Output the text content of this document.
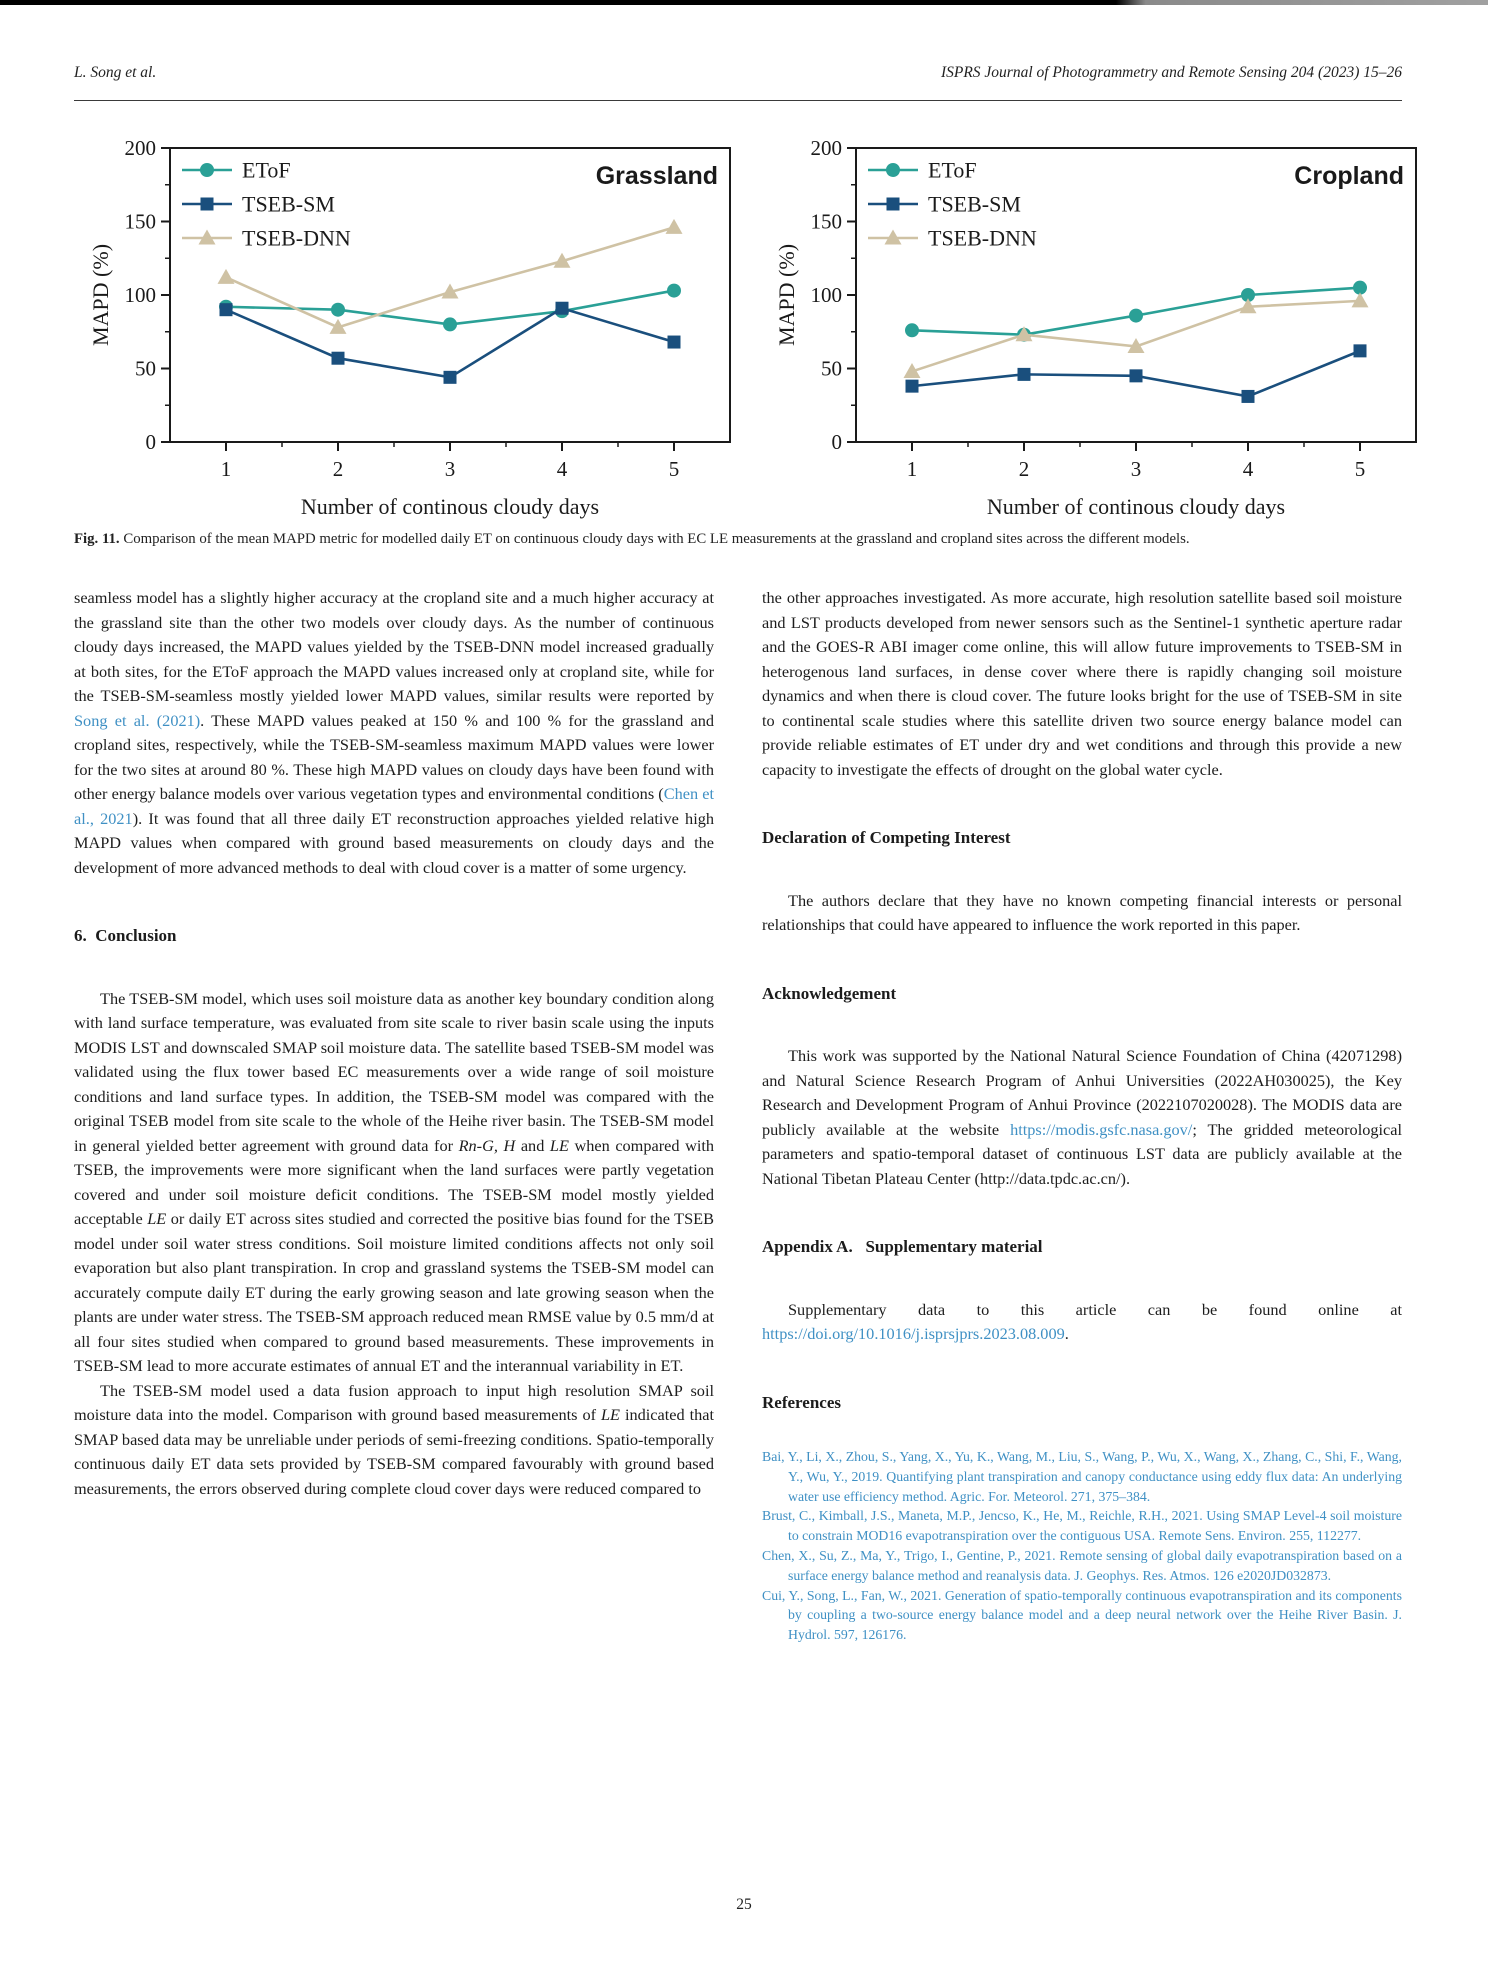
L. Song et al.	ISPRS Journal of Photogrammetry and Remote Sensing 204 (2023) 15–26
0
50
100
150
200
1	2	3	4	5
MAPD (%)
Number of continous cloudy days
Grassland
EToF
TSEB-SM
TSEB-DNN
0
50
100
150
200
1	2	3	4	5
MAPD (%)
Number of continous cloudy days
Cropland
EToF
TSEB-SM
TSEB-DNN
Fig. 11. Comparison of the mean MAPD metric for modelled daily ET on continuous cloudy days with EC LE measurements at the grassland and cropland sites across the different models.

seamless model has a slightly higher accuracy at the cropland site and a much higher accuracy at the grassland site than the other two models over cloudy days. As the number of continuous cloudy days increased, the MAPD values yielded by the TSEB-DNN model increased gradually at both sites, for the EToF approach the MAPD values increased only at cropland site, while for the TSEB-SM-seamless mostly yielded lower MAPD values, similar results were reported by Song et al. (2021). These MAPD values peaked at 150 % and 100 % for the grassland and cropland sites, respectively, while the TSEB-SM-seamless maximum MAPD values were lower for the two sites at around 80 %. These high MAPD values on cloudy days have been found with other energy balance models over various vegetation types and environmental conditions (Chen et al., 2021). It was found that all three daily ET reconstruction approaches yielded relative high MAPD values when compared with ground based measurements on cloudy days and the development of more advanced methods to deal with cloud cover is a matter of some urgency.

6. Conclusion

The TSEB-SM model, which uses soil moisture data as another key boundary condition along with land surface temperature, was evaluated from site scale to river basin scale using the inputs MODIS LST and downscaled SMAP soil moisture data. The satellite based TSEB-SM model was validated using the flux tower based EC measurements over a wide range of soil moisture conditions and land surface types. In addition, the TSEB-SM model was compared with the original TSEB model from site scale to the whole of the Heihe river basin. The TSEB-SM model in general yielded better agreement with ground data for Rn-G, H and LE when compared with TSEB, the improvements were more significant when the land surfaces were partly vegetation covered and under soil moisture deficit conditions. The TSEB-SM model mostly yielded acceptable LE or daily ET across sites studied and corrected the positive bias found for the TSEB model under soil water stress conditions. Soil moisture limited conditions affects not only soil evaporation but also plant transpiration. In crop and grassland systems the TSEB-SM model can accurately compute daily ET during the early growing season and late growing season when the plants are under water stress. The TSEB-SM approach reduced mean RMSE value by 0.5 mm/d at all four sites studied when compared to ground based measurements. These improvements in TSEB-SM lead to more accurate estimates of annual ET and the interannual variability in ET.

The TSEB-SM model used a data fusion approach to input high resolution SMAP soil moisture data into the model. Comparison with ground based measurements of LE indicated that SMAP based data may be unreliable under periods of semi-freezing conditions. Spatio-temporally continuous daily ET data sets provided by TSEB-SM compared favourably with ground based measurements, the errors observed during complete cloud cover days were reduced compared to

the other approaches investigated. As more accurate, high resolution satellite based soil moisture and LST products developed from newer sensors such as the Sentinel-1 synthetic aperture radar and the GOES-R ABI imager come online, this will allow future improvements to TSEB-SM in heterogenous land surfaces, in dense cover where there is rapidly changing soil moisture dynamics and when there is cloud cover. The future looks bright for the use of TSEB-SM in site to continental scale studies where this satellite driven two source energy balance model can provide reliable estimates of ET under dry and wet conditions and through this provide a new capacity to investigate the effects of drought on the global water cycle.

Declaration of Competing Interest

The authors declare that they have no known competing financial interests or personal relationships that could have appeared to influence the work reported in this paper.

Acknowledgement

This work was supported by the National Natural Science Foundation of China (42071298) and Natural Science Research Program of Anhui Universities (2022AH030025), the Key Research and Development Program of Anhui Province (2022107020028). The MODIS data are publicly available at the website https://modis.gsfc.nasa.gov/; The gridded meteorological parameters and spatio-temporal dataset of continuous LST data are publicly available at the National Tibetan Plateau Center (http://data.tpdc.ac.cn/).

Appendix A.  Supplementary material

Supplementary data to this article can be found online at https://doi.org/10.1016/j.isprsjprs.2023.08.009.

References

Bai, Y., Li, X., Zhou, S., Yang, X., Yu, K., Wang, M., Liu, S., Wang, P., Wu, X., Wang, X., Zhang, C., Shi, F., Wang, Y., Wu, Y., 2019. Quantifying plant transpiration and canopy conductance using eddy flux data: An underlying water use efficiency method. Agric. For. Meteorol. 271, 375–384.

Brust, C., Kimball, J.S., Maneta, M.P., Jencso, K., He, M., Reichle, R.H., 2021. Using SMAP Level-4 soil moisture to constrain MOD16 evapotranspiration over the contiguous USA. Remote Sens. Environ. 255, 112277.

Chen, X., Su, Z., Ma, Y., Trigo, I., Gentine, P., 2021. Remote sensing of global daily evapotranspiration based on a surface energy balance method and reanalysis data. J. Geophys. Res. Atmos. 126 e2020JD032873.

Cui, Y., Song, L., Fan, W., 2021. Generation of spatio-temporally continuous evapotranspiration and its components by coupling a two-source energy balance model and a deep neural network over the Heihe River Basin. J. Hydrol. 597, 126176.

25
